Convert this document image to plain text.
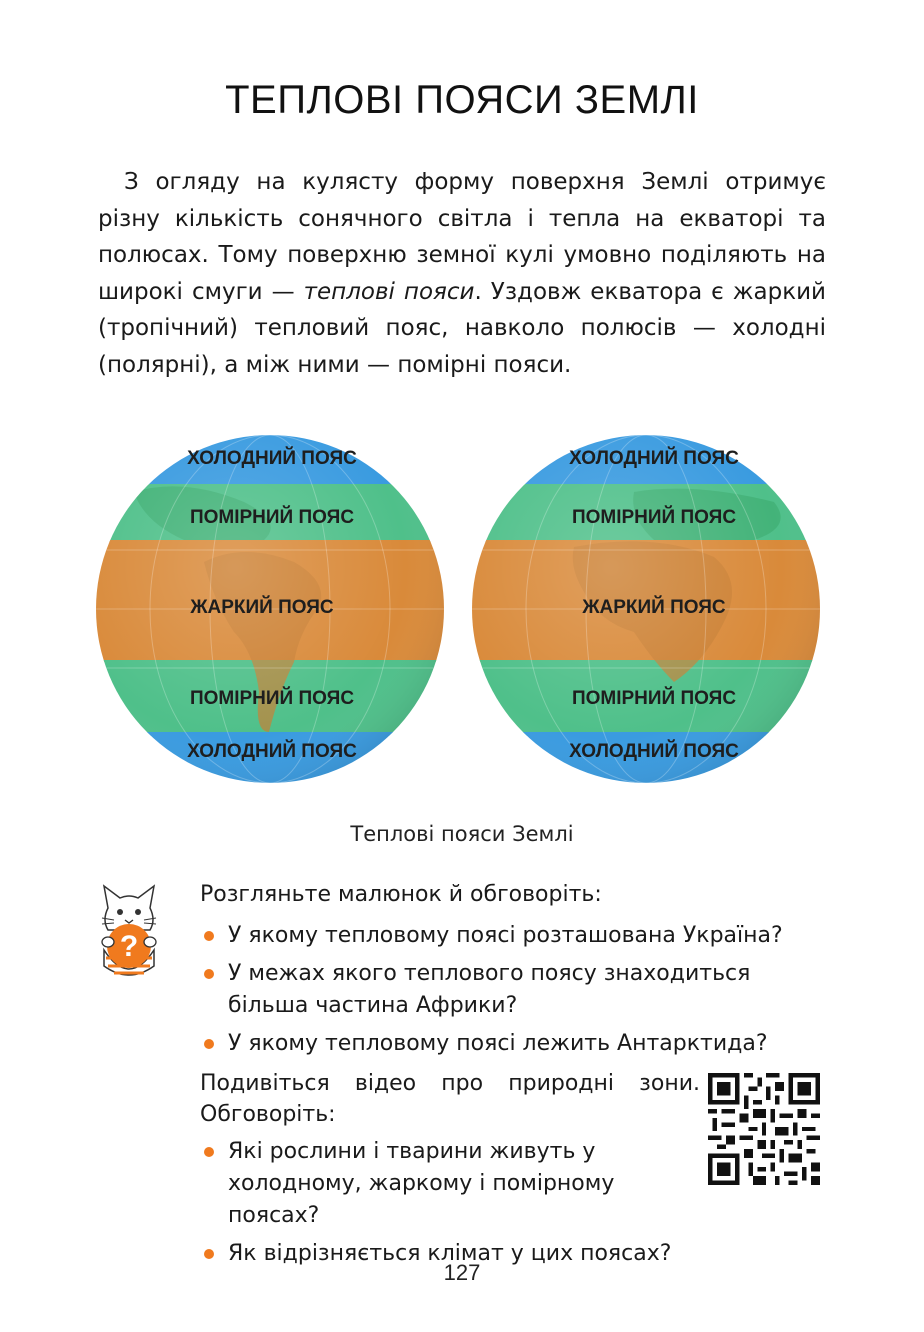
ТЕПЛОВІ ПОЯСИ ЗЕМЛІ
З огляду на кулясту форму поверхня Землі отримує різну кількість сонячного світла і тепла на екваторі та полюсах. Тому поверхню земної кулі умовно поділяють на широкі смуги — теплові пояси. Уздовж екватора є жаркий (тропічний) тепловий пояс, навколо полюсів — холодні (полярні), а між ними — помірні пояси.
ХОЛОДНИЙ ПОЯС
ПОМІРНИЙ ПОЯС
ЖАРКИЙ ПОЯС
ПОМІРНИЙ ПОЯС
ХОЛОДНИЙ ПОЯС
ХОЛОДНИЙ ПОЯС
ПОМІРНИЙ ПОЯС
ЖАРКИЙ ПОЯС
ПОМІРНИЙ ПОЯС
ХОЛОДНИЙ ПОЯС
Теплові пояси Землі
?
Розгляньте малюнок й обговоріть:
У якому тепловому поясі розташована Україна?
У межах якого теплового поясу знаходиться більша частина Африки?
У якому тепловому поясі лежить Антарктида?
Подивіться відео про природні зони. Обговоріть:
Які рослини і тварини живуть у холодному, жаркому і помірному поясах?
Як відрізняється клімат у цих поясах?
127
